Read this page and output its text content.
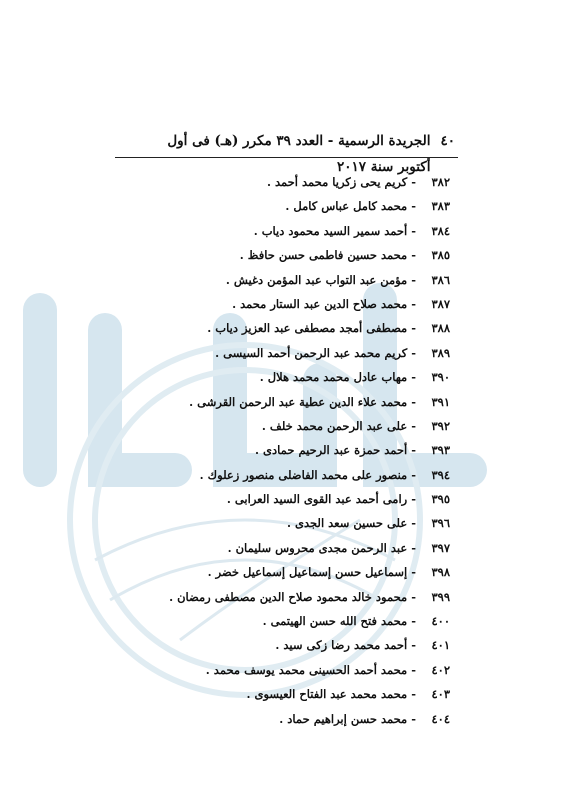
٤٠
الجريدة الرسمية - العدد ٣٩ مكرر (هـ) فى أول أكتوبر سنة ٢٠١٧
٣٨٢-كريم يحى زكريا محمد أحمد .
٣٨٣-محمد كامل عباس كامل .
٣٨٤-أحمد سمير السيد محمود دياب .
٣٨٥-محمد حسين فاطمى حسن حافظ .
٣٨٦-مؤمن عبد التواب عبد المؤمن دغيش .
٣٨٧-محمد صلاح الدين عبد الستار محمد .
٣٨٨-مصطفى أمجد مصطفى عبد العزيز دياب .
٣٨٩-كريم محمد عبد الرحمن أحمد السيسى .
٣٩٠-مهاب عادل محمد محمد هلال .
٣٩١-محمد علاء الدين عطية عبد الرحمن القرشى .
٣٩٢-على عبد الرحمن محمد خلف .
٣٩٣-أحمد حمزة عبد الرحيم حمادى .
٣٩٤-منصور على محمد الفاضلى منصور زعلوك .
٣٩٥-رامى أحمد عبد القوى السيد العرابى .
٣٩٦-على حسين سعد الجدى .
٣٩٧-عبد الرحمن مجدى محروس سليمان .
٣٩٨-إسماعيل حسن إسماعيل إسماعيل خضر .
٣٩٩-محمود خالد محمود صلاح الدين مصطفى رمضان .
٤٠٠-محمد فتح الله حسن الهيتمى .
٤٠١-أحمد محمد رضا زكى سيد .
٤٠٢-محمد أحمد الحسينى محمد يوسف محمد .
٤٠٣-محمد محمد عبد الفتاح العيسوى .
٤٠٤-محمد حسن إبراهيم حماد .
